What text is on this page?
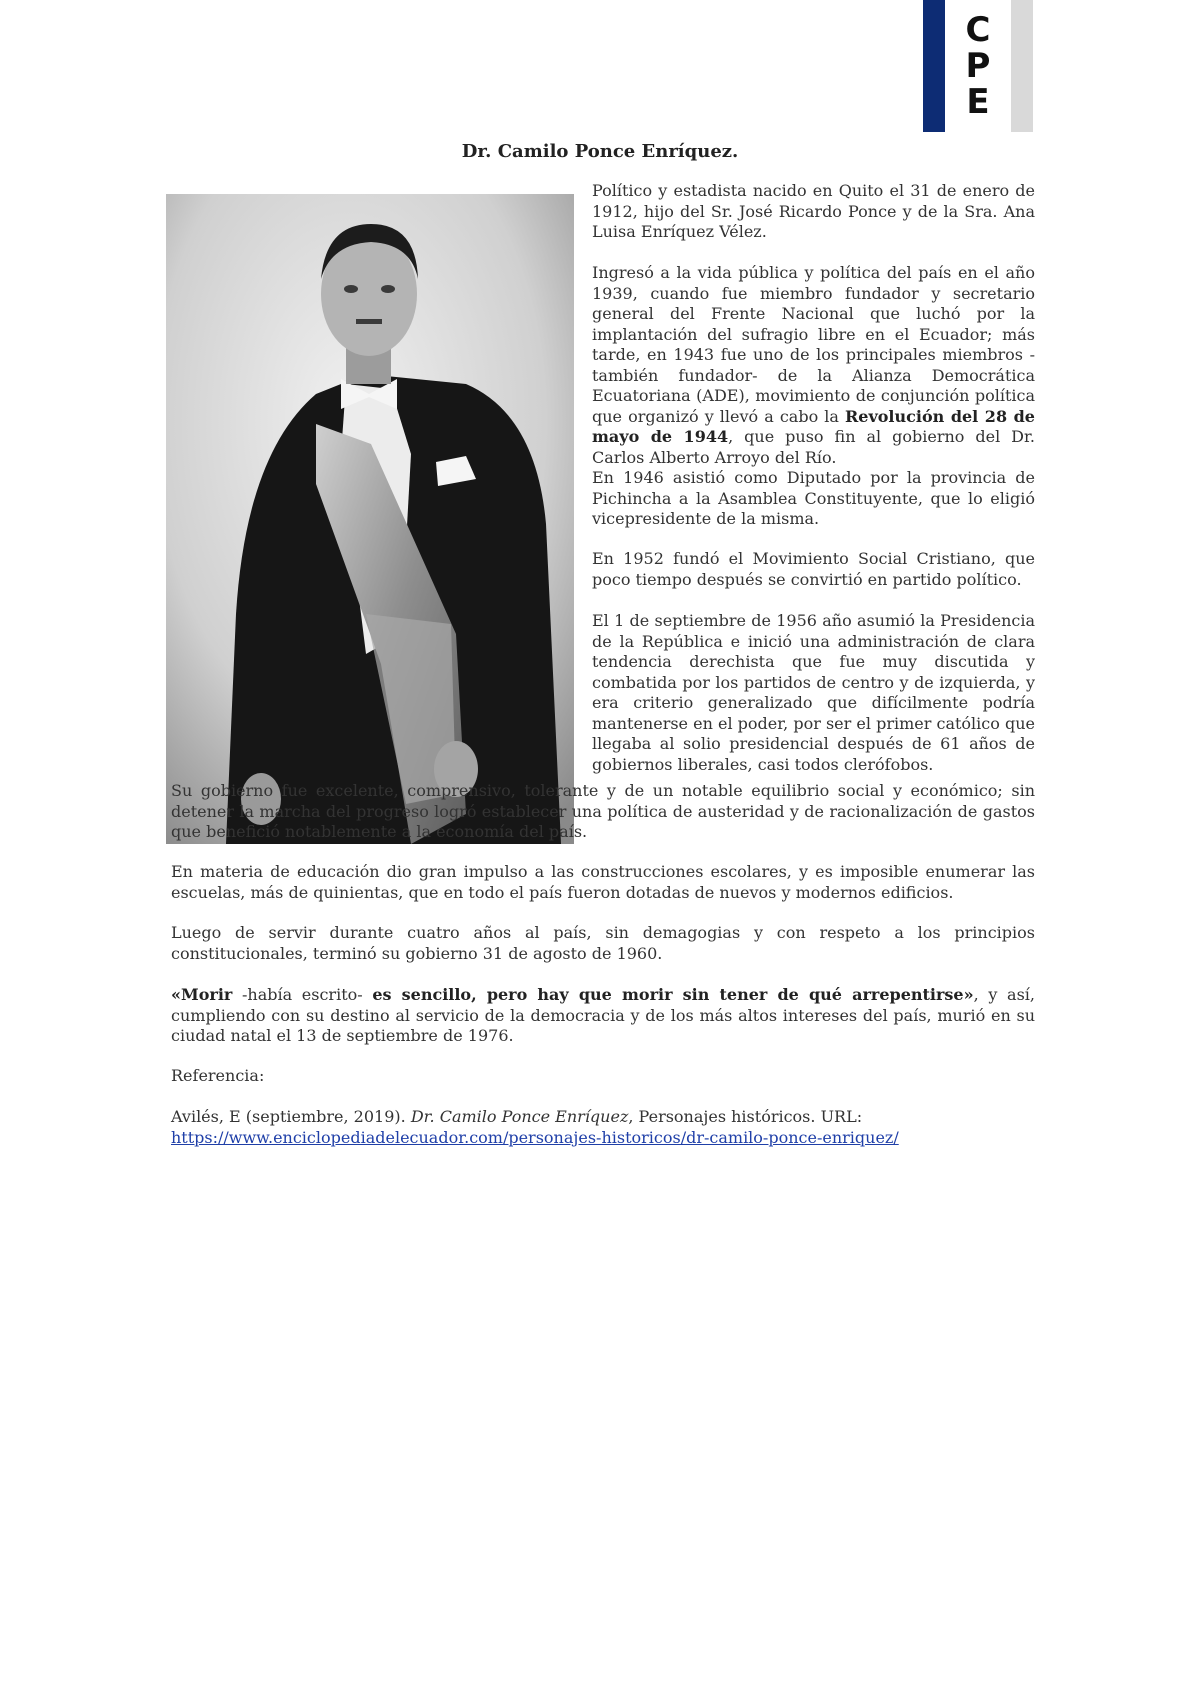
C
P
E
Dr. Camilo Ponce Enríquez.

Político y estadista nacido en Quito el 31 de enero de 1912, hijo del Sr. José Ricardo Ponce y de la Sra. Ana Luisa Enríquez Vélez.

Ingresó a la vida pública y política del país en el año 1939, cuando fue miembro fundador y secretario general del Frente Nacional que luchó por la implantación del sufragio libre en el Ecuador; más tarde, en 1943 fue uno de los principales miembros - también fundador- de la Alianza Democrática Ecuatoriana (ADE), movimiento de conjunción política que organizó y llevó a cabo la Revolución del 28 de mayo de 1944, que puso fin al gobierno del Dr. Carlos Alberto Arroyo del Río.

En 1946 asistió como Diputado por la provincia de Pichincha a la Asamblea Constituyente, que lo eligió vicepresidente de la misma.

En 1952 fundó el Movimiento Social Cristiano, que poco tiempo después se convirtió en partido político.

El 1 de septiembre de 1956 año asumió la Presidencia de la República e inició una administración de clara tendencia derechista que fue muy discutida y combatida por los partidos de centro y de izquierda, y era criterio generalizado que difícilmente podría mantenerse en el poder, por ser el primer católico que llegaba al solio presidencial después de 61 años de gobiernos liberales, casi todos clerófobos.

Su gobierno fue excelente, comprensivo, tolerante y de un notable equilibrio social y económico; sin detener la marcha del progreso logró establecer una política de austeridad y de racionalización de gastos que benefició notablemente a la economía del país.

En materia de educación dio gran impulso a las construcciones escolares, y es imposible enumerar las escuelas, más de quinientas, que en todo el país fueron dotadas de nuevos y modernos edificios.

Luego de servir durante cuatro años al país, sin demagogias y con respeto a los principios constitucionales, terminó su gobierno 31 de agosto de 1960.

«Morir -había escrito- es sencillo, pero hay que morir sin tener de qué arrepentirse», y así, cumpliendo con su destino al servicio de la democracia y de los más altos intereses del país, murió en su ciudad natal el 13 de septiembre de 1976.

Referencia:

Avilés, E (septiembre, 2019). Dr. Camilo Ponce Enríquez, Personajes históricos. URL:
https://www.enciclopediadelecuador.com/personajes-historicos/dr-camilo-ponce-enriquez/
